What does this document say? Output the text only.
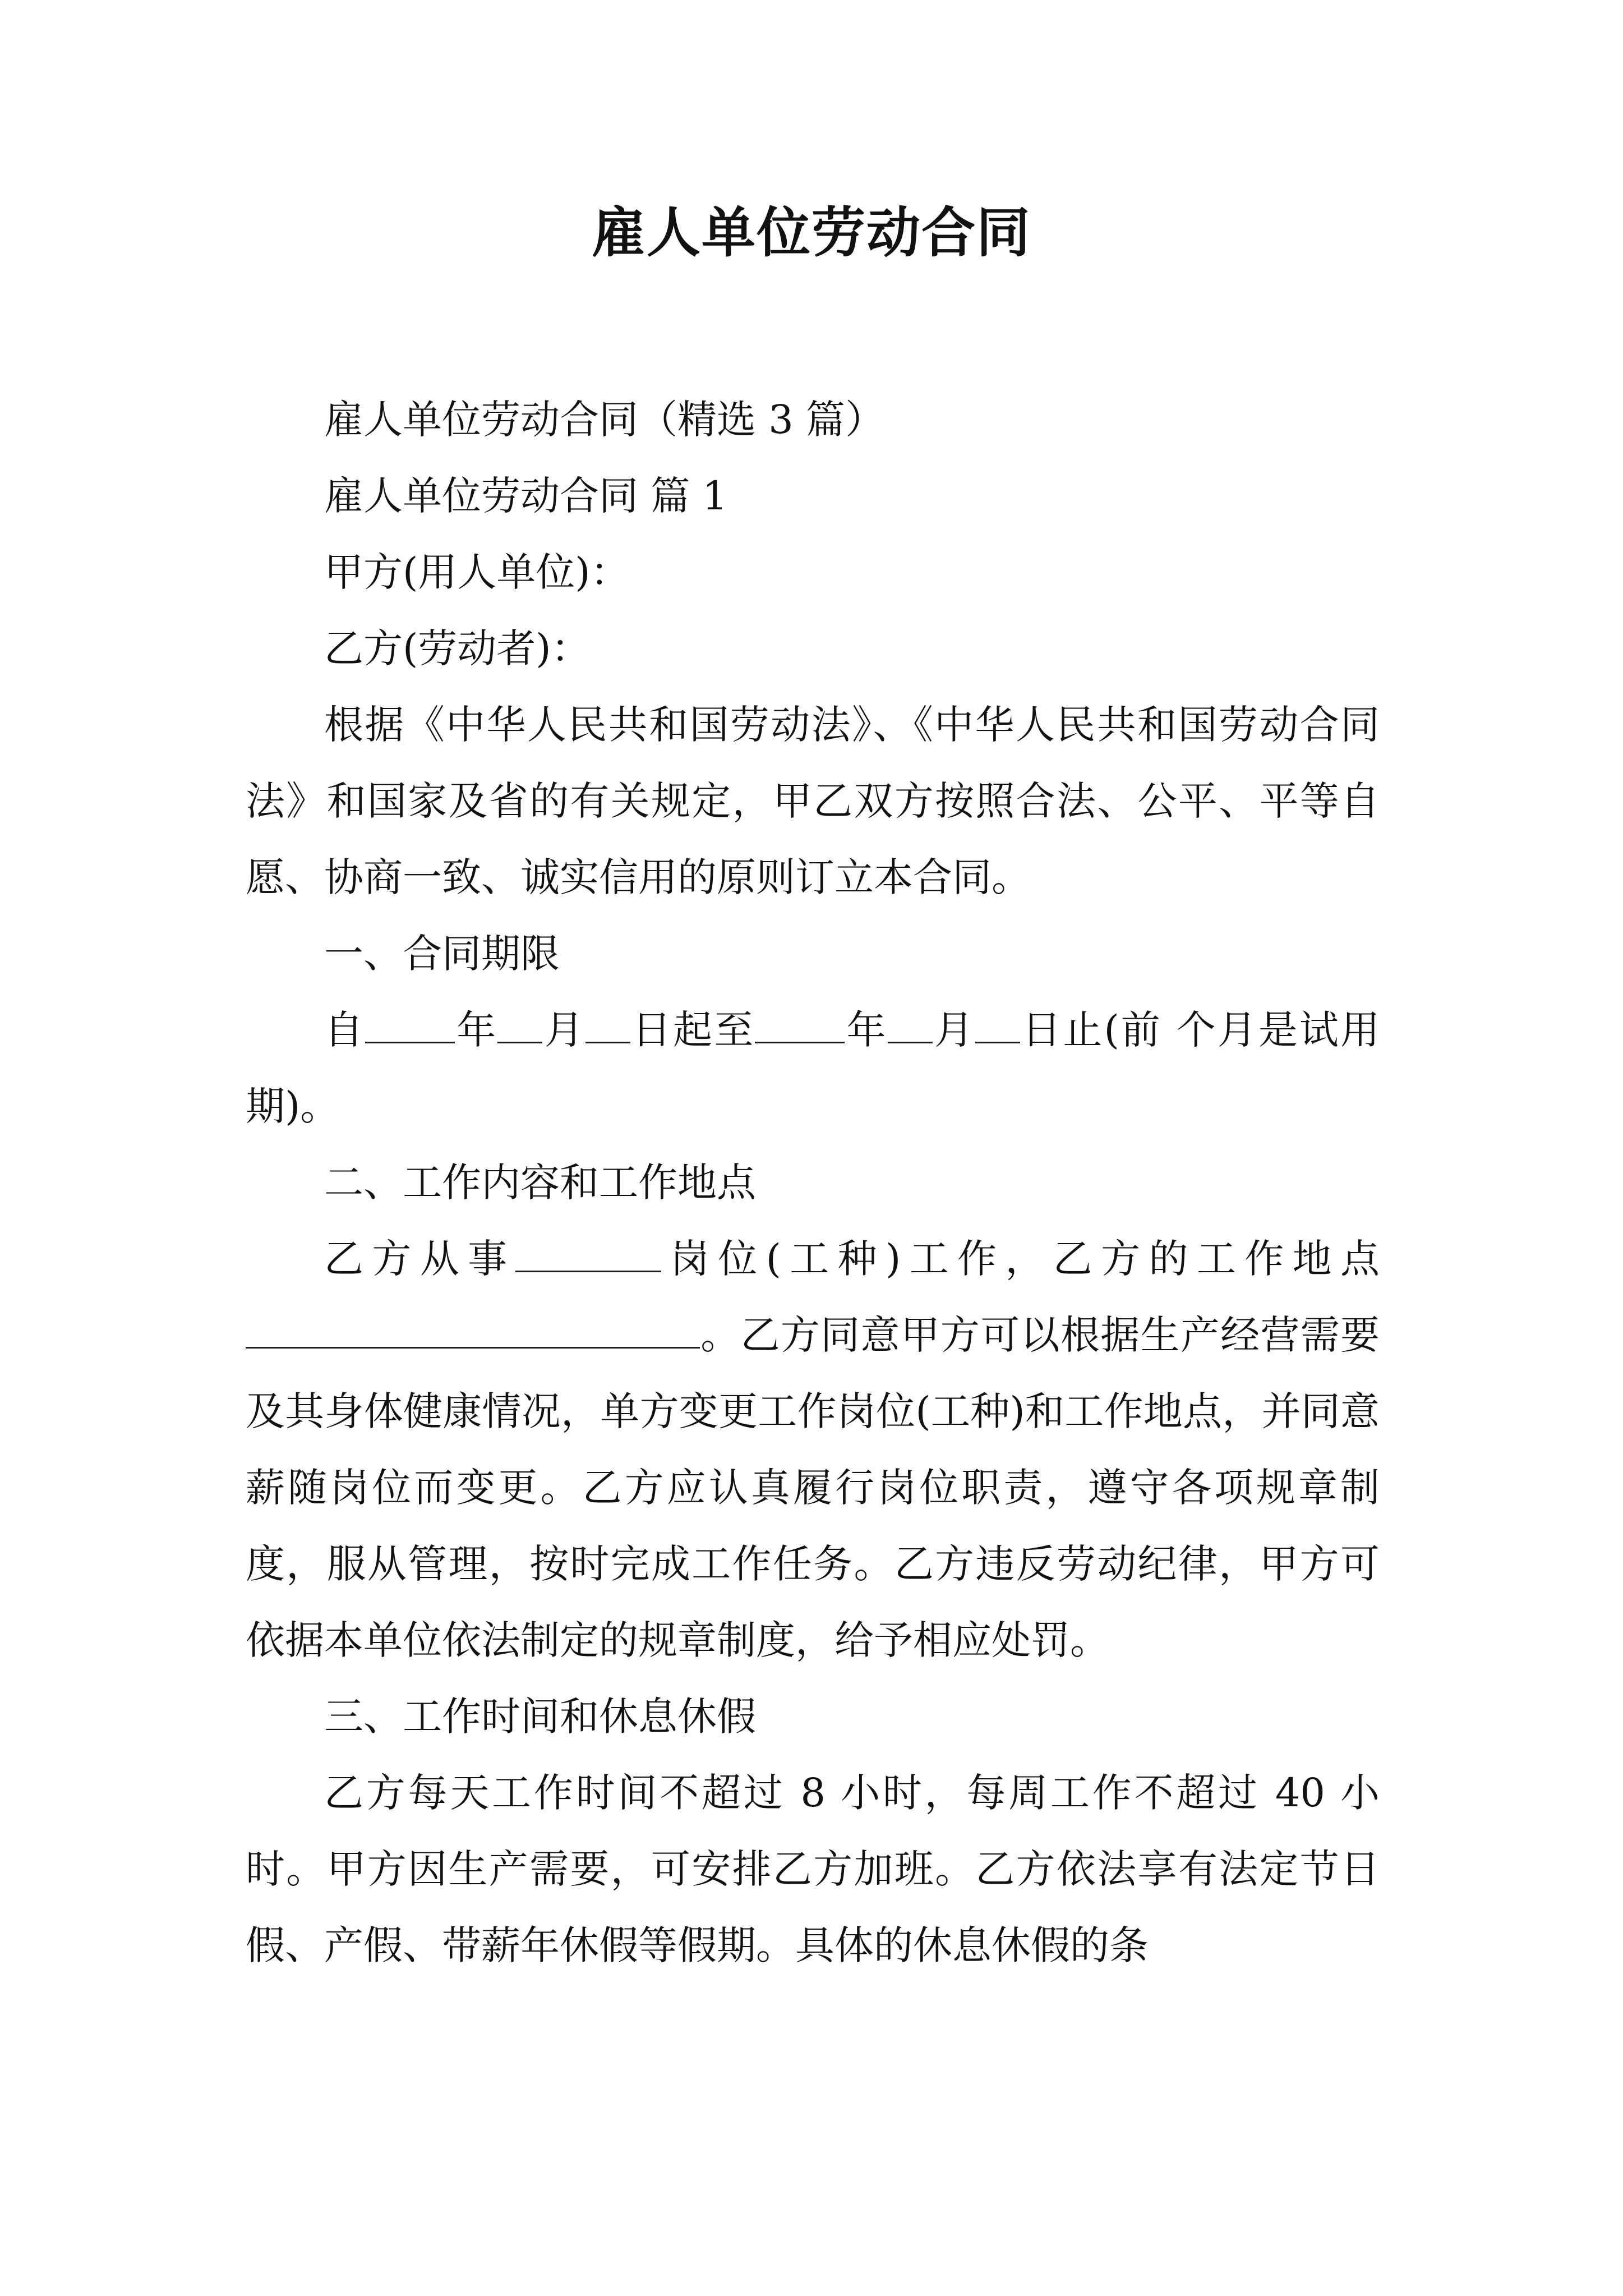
雇人单位劳动合同

雇人单位劳动合同（精选 3 篇）

雇人单位劳动合同 篇 1

甲方(用人单位)：

乙方(劳动者)：

根据《中华人民共和国劳动法》、《中华人民共和国劳动合同法》和国家及省的有关规定，甲乙双方按照合法、公平、平等自愿、协商一致、诚实信用的原则订立本合同。

一、合同期限

自 年 月 日起至 年 月 日止(前 个月是试用期)。

二、工作内容和工作地点

乙方从事	岗位(工种)工作，乙方的工作地点。乙方同意甲方可以根据生产经营需要及其身体健康情况，单方变更工作岗位(工种)和工作地点，并同意薪随岗位而变更。乙方应认真履行岗位职责，遵守各项规章制度，服从管理，按时完成工作任务。乙方违反劳动纪律，甲方可依据本单位依法制定的规章制度，给予相应处罚。

三、工作时间和休息休假

乙方每天工作时间不超过 8 小时，每周工作不超过 40 小时。甲方因生产需要，可安排乙方加班。乙方依法享有法定节日假、产假、带薪年休假等假期。具体的休息休假的条
